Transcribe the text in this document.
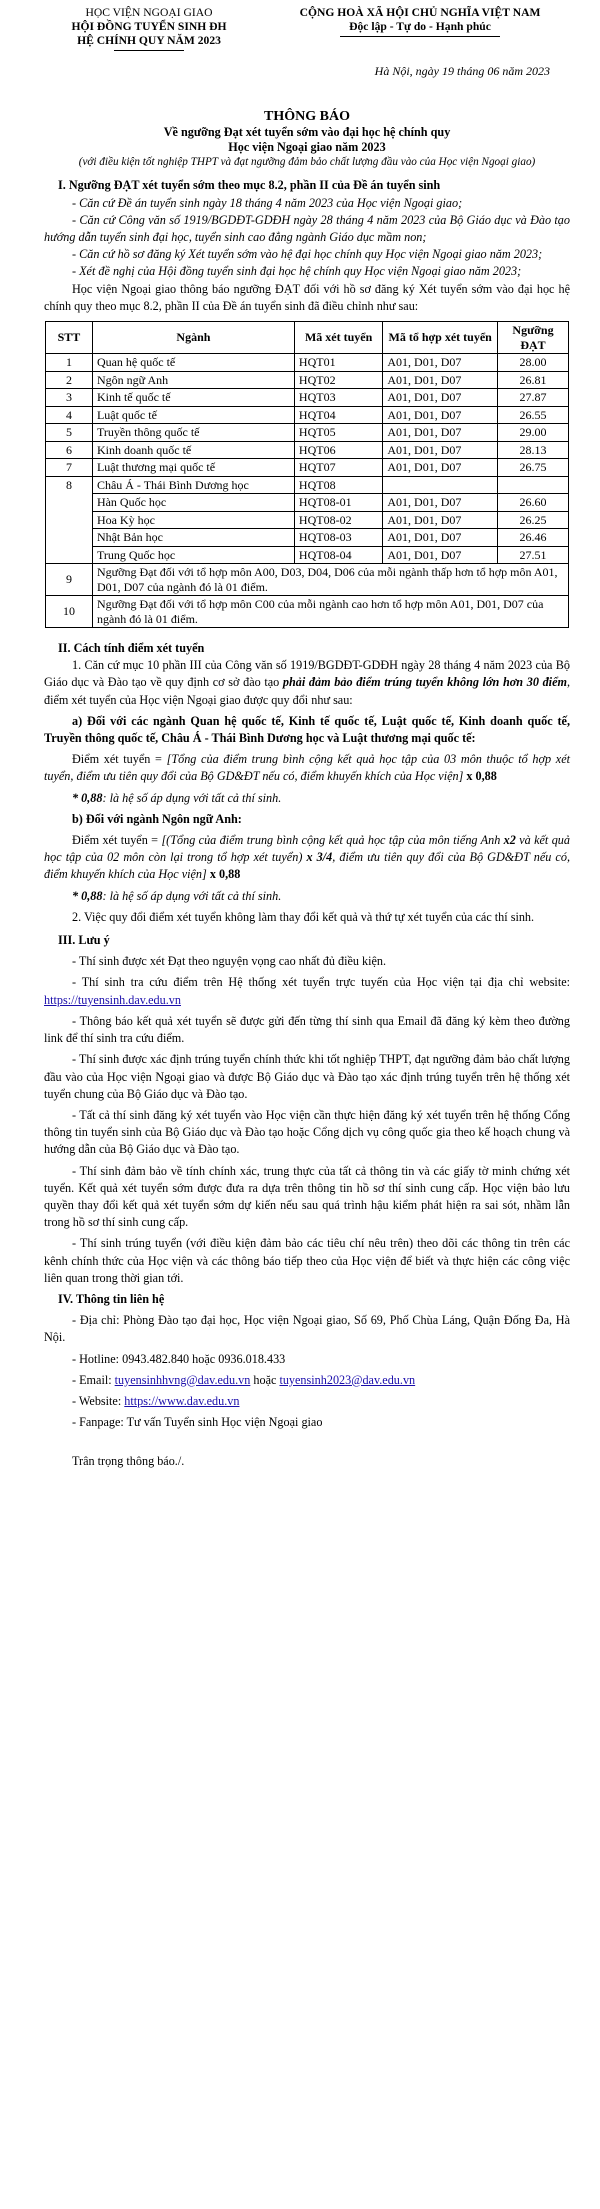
HỌC VIỆN NGOẠI GIAO
HỘI ĐỒNG TUYỂN SINH ĐH
HỆ CHÍNH QUY NĂM 2023
CỘNG HOÀ XÃ HỘI CHỦ NGHĨA VIỆT NAM
Độc lập - Tự do - Hạnh phúc
Hà Nội, ngày 19 tháng 06 năm 2023
THÔNG BÁO
Về ngưỡng Đạt xét tuyển sớm vào đại học hệ chính quy
Học viện Ngoại giao năm 2023
(với điều kiện tốt nghiệp THPT và đạt ngưỡng đảm bảo chất lượng đầu vào của Học viện Ngoại giao)

I. Ngưỡng ĐẠT xét tuyển sớm theo mục 8.2, phần II của Đề án tuyển sinh

- Căn cứ Đề án tuyển sinh ngày 18 tháng 4 năm 2023 của Học viện Ngoại giao;

- Căn cứ Công văn số 1919/BGDĐT-GDĐH ngày 28 tháng 4 năm 2023 của Bộ Giáo dục và Đào tạo hướng dẫn tuyển sinh đại học, tuyển sinh cao đẳng ngành Giáo dục mầm non;

- Căn cứ hồ sơ đăng ký Xét tuyển sớm vào hệ đại học chính quy Học viện Ngoại giao năm 2023;

- Xét đề nghị của Hội đồng tuyển sinh đại học hệ chính quy Học viện Ngoại giao năm 2023;

Học viện Ngoại giao thông báo ngưỡng ĐẠT đối với hồ sơ đăng ký Xét tuyển sớm vào đại học hệ chính quy theo mục 8.2, phần II của Đề án tuyển sinh đã điều chỉnh như sau:

STT	Ngành	Mã xét tuyển	Mã tổ hợp xét tuyển	Ngưỡng ĐẠT
1	Quan hệ quốc tế	HQT01	A01, D01, D07	28.00
2	Ngôn ngữ Anh	HQT02	A01, D01, D07	26.81
3	Kinh tế quốc tế	HQT03	A01, D01, D07	27.87
4	Luật quốc tế	HQT04	A01, D01, D07	26.55
5	Truyền thông quốc tế	HQT05	A01, D01, D07	29.00
6	Kinh doanh quốc tế	HQT06	A01, D01, D07	28.13
7	Luật thương mại quốc tế	HQT07	A01, D01, D07	26.75
8	Châu Á - Thái Bình Dương học	HQT08		
	Hàn Quốc học	HQT08-01	A01, D01, D07	26.60
	Hoa Kỳ học	HQT08-02	A01, D01, D07	26.25
	Nhật Bản học	HQT08-03	A01, D01, D07	26.46
	Trung Quốc học	HQT08-04	A01, D01, D07	27.51
9	Ngưỡng Đạt đối với tổ hợp môn A00, D03, D04, D06 của mỗi ngành thấp hơn tổ hợp môn A01, D01, D07 của ngành đó là 01 điểm.			
10	Ngưỡng Đạt đối với tổ hợp môn C00 của mỗi ngành cao hơn tổ hợp môn A01, D01, D07 của ngành đó là 01 điểm.			

II. Cách tính điểm xét tuyển

1. Căn cứ mục 10 phần III của Công văn số 1919/BGDĐT-GDĐH ngày 28 tháng 4 năm 2023 của Bộ Giáo dục và Đào tạo về quy định cơ sở đào tạo phải đảm bảo điểm trúng tuyển không lớn hơn 30 điểm, điểm xét tuyển của Học viện Ngoại giao được quy đổi như sau:

a) Đối với các ngành Quan hệ quốc tế, Kinh tế quốc tế, Luật quốc tế, Kinh doanh quốc tế, Truyền thông quốc tế, Châu Á - Thái Bình Dương học và Luật thương mại quốc tế:

Điểm xét tuyển = [Tổng của điểm trung bình cộng kết quả học tập của 03 môn thuộc tổ hợp xét tuyển, điểm ưu tiên quy đổi của Bộ GD&ĐT nếu có, điểm khuyến khích của Học viện] x 0,88

* 0,88: là hệ số áp dụng với tất cả thí sinh.

b) Đối với ngành Ngôn ngữ Anh:

Điểm xét tuyển = [(Tổng của điểm trung bình cộng kết quả học tập của môn tiếng Anh x2 và kết quả học tập của 02 môn còn lại trong tổ hợp xét tuyển) x 3/4, điểm ưu tiên quy đổi của Bộ GD&ĐT nếu có, điểm khuyến khích của Học viện] x 0,88

* 0,88: là hệ số áp dụng với tất cả thí sinh.

2. Việc quy đổi điểm xét tuyển không làm thay đổi kết quả và thứ tự xét tuyển của các thí sinh.

III. Lưu ý

- Thí sinh được xét Đạt theo nguyện vọng cao nhất đủ điều kiện.

- Thí sinh tra cứu điểm trên Hệ thống xét tuyển trực tuyến của Học viện tại địa chỉ website: https://tuyensinh.dav.edu.vn

- Thông báo kết quả xét tuyển sẽ được gửi đến từng thí sinh qua Email đã đăng ký kèm theo đường link để thí sinh tra cứu điểm.

- Thí sinh được xác định trúng tuyển chính thức khi tốt nghiệp THPT, đạt ngưỡng đảm bảo chất lượng đầu vào của Học viện Ngoại giao và được Bộ Giáo dục và Đào tạo xác định trúng tuyển trên hệ thống xét tuyển chung của Bộ Giáo dục và Đào tạo.

- Tất cả thí sinh đăng ký xét tuyển vào Học viện cần thực hiện đăng ký xét tuyển trên hệ thống Cổng thông tin tuyển sinh của Bộ Giáo dục và Đào tạo hoặc Cổng dịch vụ công quốc gia theo kế hoạch chung và hướng dẫn của Bộ Giáo dục và Đào tạo.

- Thí sinh đảm bảo về tính chính xác, trung thực của tất cả thông tin và các giấy tờ minh chứng xét tuyển. Kết quả xét tuyển sớm được đưa ra dựa trên thông tin hồ sơ thí sinh cung cấp. Học viện bảo lưu quyền thay đổi kết quả xét tuyển sớm dự kiến nếu sau quá trình hậu kiểm phát hiện ra sai sót, nhầm lẫn trong hồ sơ thí sinh cung cấp.

- Thí sinh trúng tuyển (với điều kiện đảm bảo các tiêu chí nêu trên) theo dõi các thông tin trên các kênh chính thức của Học viện và các thông báo tiếp theo của Học viện để biết và thực hiện các công việc liên quan trong thời gian tới.

IV. Thông tin liên hệ

- Địa chỉ: Phòng Đào tạo đại học, Học viện Ngoại giao, Số 69, Phố Chùa Láng, Quận Đống Đa, Hà Nội.

- Hotline: 0943.482.840 hoặc 0936.018.433

- Email: tuyensinhhvng@dav.edu.vn hoặc tuyensinh2023@dav.edu.vn

- Website: https://www.dav.edu.vn

- Fanpage: Tư vấn Tuyển sinh Học viện Ngoại giao

Trân trọng thông báo./.
